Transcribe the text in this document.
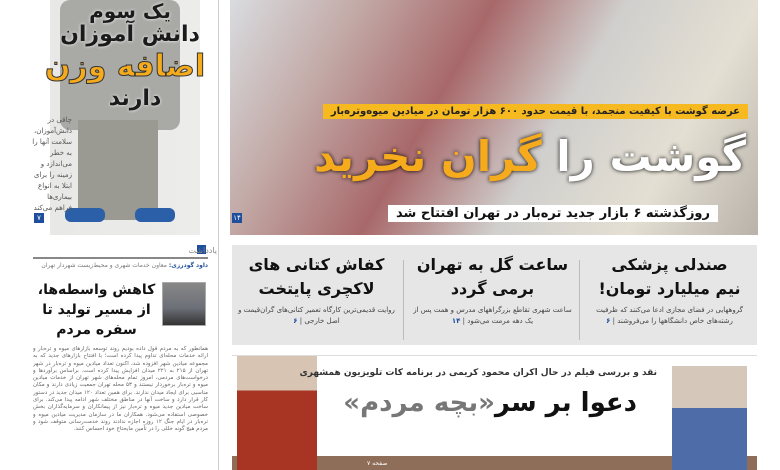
یک سوم
دانش آموزان
اضافه وزن
دارند
چاقی در دانش‌آموزان، سلامت آنها را به خطر می‌اندازد و زمینه را برای ابتلا به انواع بیماری‌ها فراهم می‌کند
۷
عرضه گوشت با کیفیت منجمد، با قیمت حدود ۶۰۰ هزار تومان در میادین میوه‌و‌تره‌بار
گوشت را گران نخرید
روزگذشته ۶ بازار جدید تره‌بار در تهران افتتاح شد
۱۴
صندلی پزشکی
نیم میلیارد تومان!

گروههایی در فضای مجازی ادعا می‌کنند که ظرفیت رشته‌های خاص دانشگاهها را می‌فروشند | ۶

ساعت گل به تهران
برمی گردد

ساعت شهری تقاطع بزرگراههای مدرس و همت پس از یک دهه مرمت می‌شود | ۱۴

کفاش کتانی های
لاکچری پایتخت

روایت قدیمی‌ترین کارگاه تعمیر کتانی‌های گران‌قیمت و اصل خارجی | ۶

نقد و بررسی فیلم در حال اکران محمود کریمی در برنامه کات تلویزیون همشهری
دعوا بر سر«بچه مردم»
صفحه ۷
یادداشت
داود گودرزی: معاون خدمات شهری و محیط‌زیست شهردار تهران
کاهش واسطه‌ها، از مسیر تولید تا سفره مردم
همانطور که به مردم قول داده بودیم روند توسعه بازارهای میوه و تره‌بار و ارائه خدمات محله‌ای تداوم پیدا کرده است؛ با افتتاح بازارهای جدید که به مجموعه میادین شهر افزوده شد، اکنون تعداد میادین میوه و تره‌بار در شهر تهران از ۲۱۵ به ۲۲۱ میدان افزایش پیدا کرده است. براساس برآوردها و درخواست‌های مردمی، امروز تمام محله‌های شهر تهران از خدمات میادین میوه و تره‌بار برخوردار نیستند و ۵۳ محله تهران جمعیت زیادی دارند و مکان مناسبی برای ایجاد میدان ندارند. برای همین تعداد ۱۲۰ میدان جدید در دستور کار قرار دارد و ساخت آنها در مناطق مختلف شهر ادامه پیدا می‌کند. برای ساخت میادین جدید میوه و تره‌بار نیز از پیمانکاران و سرمایه‌گذاران بخش خصوصی استفاده می‌شود. همکاران ما در سازمان مدیریت میادین میوه و تره‌بار در ایام جنگ ۱۲ روزه اجازه ندادند روند خدمت‌رسانی متوقف شود و مردم هیچ گونه خللی را در تأمین مایحتاج خود احساس کنند.
